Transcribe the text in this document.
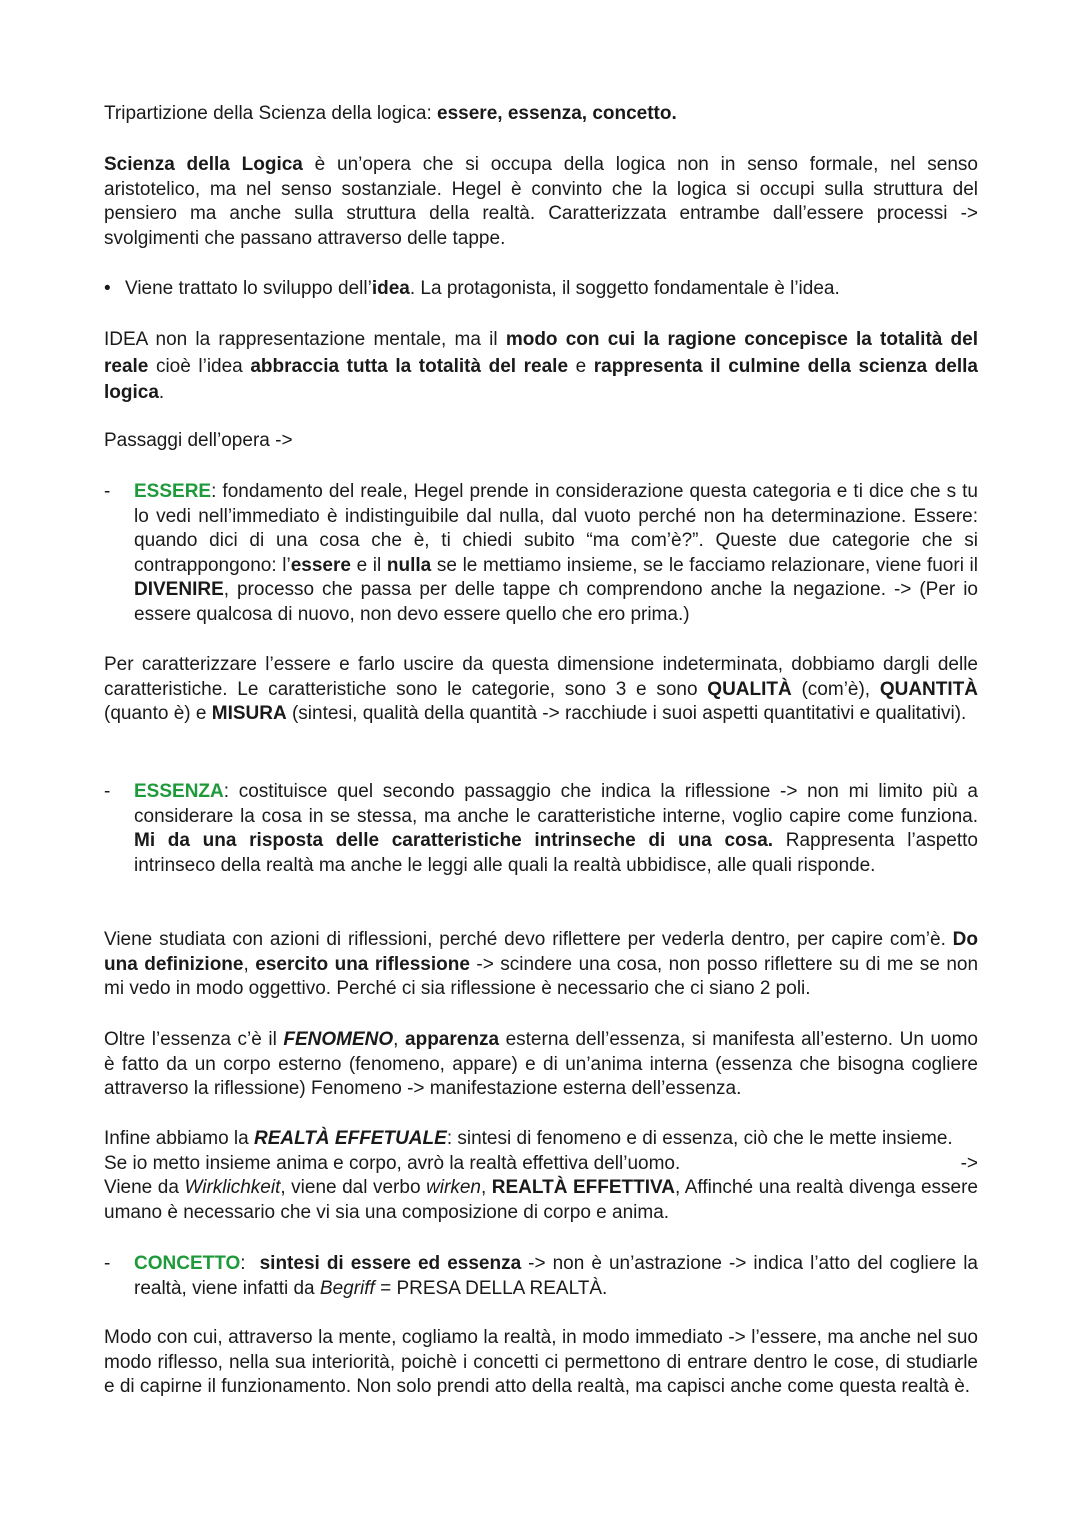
Tripartizione della Scienza della logica: essere, essenza, concetto.

Scienza della Logica è un’opera che si occupa della logica non in senso formale, nel senso aristotelico, ma nel senso sostanziale. Hegel è convinto che la logica si occupi sulla struttura del pensiero ma anche sulla struttura della realtà. Caratterizzata entrambe dall’essere processi -> svolgimenti che passano attraverso delle tappe.

• Viene trattato lo sviluppo dell’idea. La protagonista, il soggetto fondamentale è l’idea.

IDEA non la rappresentazione mentale, ma il modo con cui la ragione concepisce la totalità del reale cioè l’idea abbraccia tutta la totalità del reale e rappresenta il culmine della scienza della logica.

Passaggi dell’opera ->

-	ESSERE: fondamento del reale, Hegel prende in considerazione questa categoria e ti dice che s tu lo vedi nell’immediato è indistinguibile dal nulla, dal vuoto perché non ha determinazione. Essere: quando dici di una cosa che è, ti chiedi subito “ma com’è?”. Queste due categorie che si contrappongono: l’essere e il nulla se le mettiamo insieme, se le facciamo relazionare, viene fuori il DIVENIRE, processo che passa per delle tappe ch comprendono anche la negazione. -> (Per io essere qualcosa di nuovo, non devo essere quello che ero prima.)

Per caratterizzare l’essere e farlo uscire da questa dimensione indeterminata, dobbiamo dargli delle caratteristiche. Le caratteristiche sono le categorie, sono 3 e sono QUALITÀ (com’è), QUANTITÀ (quanto è) e MISURA (sintesi, qualità della quantità -> racchiude i suoi aspetti quantitativi e qualitativi).

-	ESSENZA: costituisce quel secondo passaggio che indica la riflessione -> non mi limito più a considerare la cosa in se stessa, ma anche le caratteristiche interne, voglio capire come funziona. Mi da una risposta delle caratteristiche intrinseche di una cosa. Rappresenta l’aspetto intrinseco della realtà ma anche le leggi alle quali la realtà ubbidisce, alle quali risponde.

Viene studiata con azioni di riflessioni, perché devo riflettere per vederla dentro, per capire com’è. Do una definizione, esercito una riflessione -> scindere una cosa, non posso riflettere su di me se non mi vedo in modo oggettivo. Perché ci sia riflessione è necessario che ci siano 2 poli.

Oltre l’essenza c’è il FENOMENO, apparenza esterna dell’essenza, si manifesta all’esterno. Un uomo è fatto da un corpo esterno (fenomeno, appare) e di un’anima interna (essenza che bisogna cogliere attraverso la riflessione) Fenomeno -> manifestazione esterna dell’essenza.

Infine abbiamo la REALTÀ EFFETUALE: sintesi di fenomeno e di essenza, ciò che le mette insieme. Se io metto insieme anima e corpo, avrò la realtà effettiva dell’uomo.	->
Viene da Wirklichkeit, viene dal verbo wirken, REALTÀ EFFETTIVA, Affinché una realtà divenga essere umano è necessario che vi sia una composizione di corpo e anima.
-	CONCETTO:  sintesi di essere ed essenza -> non è un’astrazione -> indica l’atto del cogliere la realtà, viene infatti da Begriff = PRESA DELLA REALTÀ.

Modo con cui, attraverso la mente, cogliamo la realtà, in modo immediato -> l’essere, ma anche nel suo modo riflesso, nella sua interiorità, poichè i concetti ci permettono di entrare dentro le cose, di studiarle e di capirne il funzionamento. Non solo prendi atto della realtà, ma capisci anche come questa realtà è.
